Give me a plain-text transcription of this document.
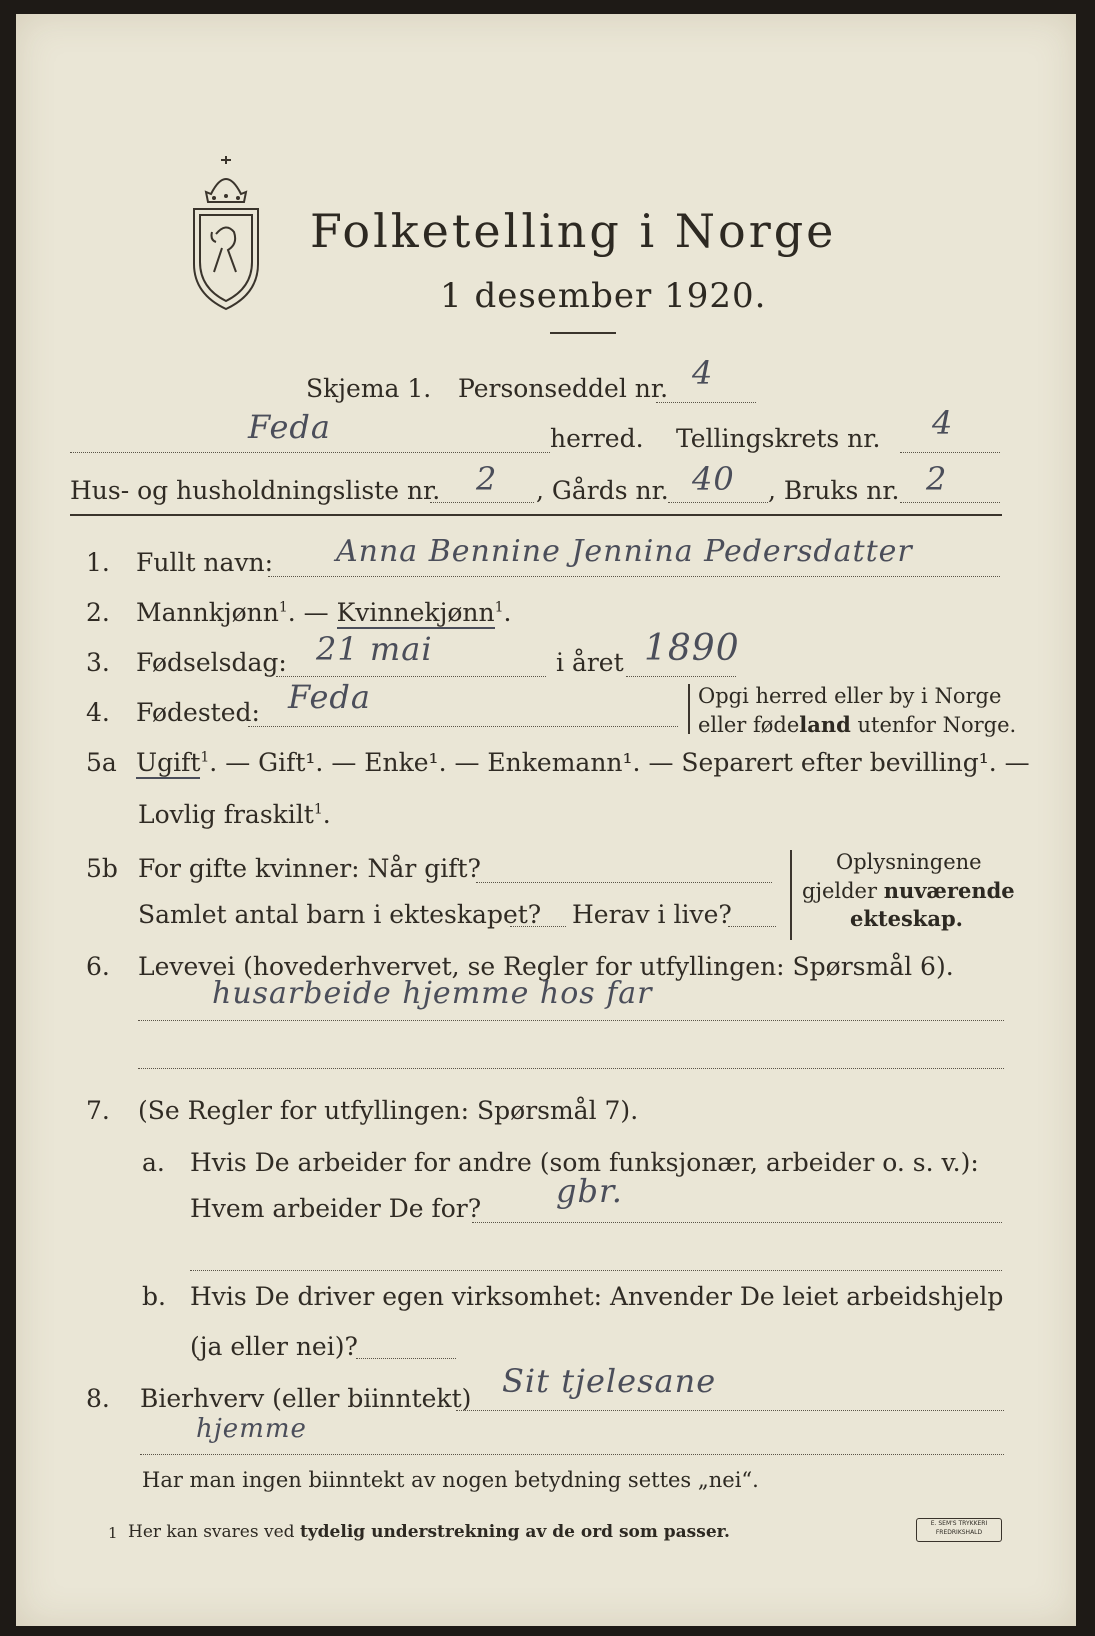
Folketelling i Norge
1 desember 1920.
Skjema 1. Personseddel nr. 4
Feda	herred. Tellingskrets nr. 4
Hus- og husholdningsliste nr. 2 , Gårds nr. 40 , Bruks nr. 2
1. Fullt navn: Anna Bennine Jennina Pedersdatter
2. Mannkjønn$^1$. — Kvinnekjønn$^1$.
3. Fødselsdag: 21 mai	i året 1890
4. Fødested: Feda	Opgi herred eller by i Norge
eller fødeland utenfor Norge.
5a Ugift$^1$. — Gift¹. — Enke¹. — Enkemann¹. — Separert efter bevilling¹. —
Lovlig fraskilt$^1$.
5b For gifte kvinner: Når gift?
Samlet antal barn i ekteskapet? Herav i live?
Oplysningene
gjelder nuværende
ekteskap.
6. Levevei (hovederhvervet, se Regler for utfyllingen: Spørsmål 6).
husarbeide hjemme hos far
7. (Se Regler for utfyllingen: Spørsmål 7).
a. Hvis De arbeider for andre (som funksjonær, arbeider o. s. v.):
Hvem arbeider De for? gbr.
b. Hvis De driver egen virksomhet: Anvender De leiet arbeidshjelp
(ja eller nei)?
8. Bierhverv (eller biinntekt) Sit tjelesane
hjemme
Har man ingen biinntekt av nogen betydning settes „nei“.
1 Her kan svares ved tydelig understrekning av de ord som passer.	E. SEM'S TRYKKERI
FREDRIKSHALD
